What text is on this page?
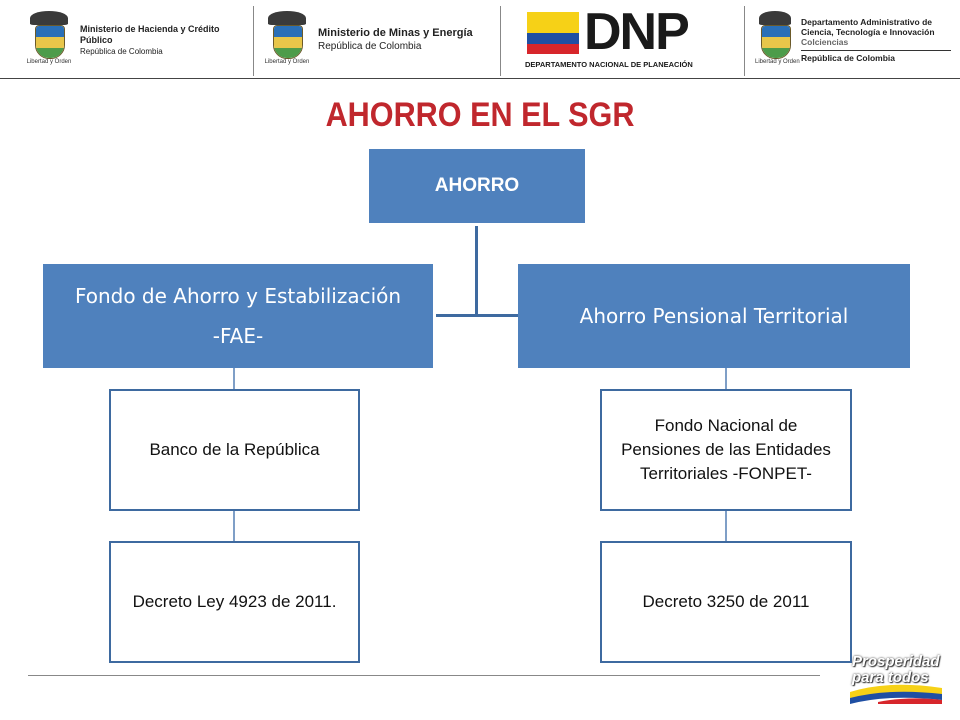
Libertad y Orden
Ministerio de Hacienda y Crédito Público
República de Colombia
Libertad y Orden
Ministerio de Minas y Energía
República de Colombia	DNP
DEPARTAMENTO NACIONAL DE PLANEACIÓN	Libertad y Orden
Departamento Administrativo de
Ciencia, Tecnología e Innovación
Colciencias
República de Colombia
AHORRO EN EL SGR
AHORRO
Fondo de Ahorro y Estabilización
-FAE-
Ahorro Pensional Territorial
Banco de la República
Fondo Nacional de Pensiones de las Entidades Territoriales -FONPET-
Decreto Ley 4923 de 2011.	Decreto 3250 de 2011
Prosperidad
para todos
